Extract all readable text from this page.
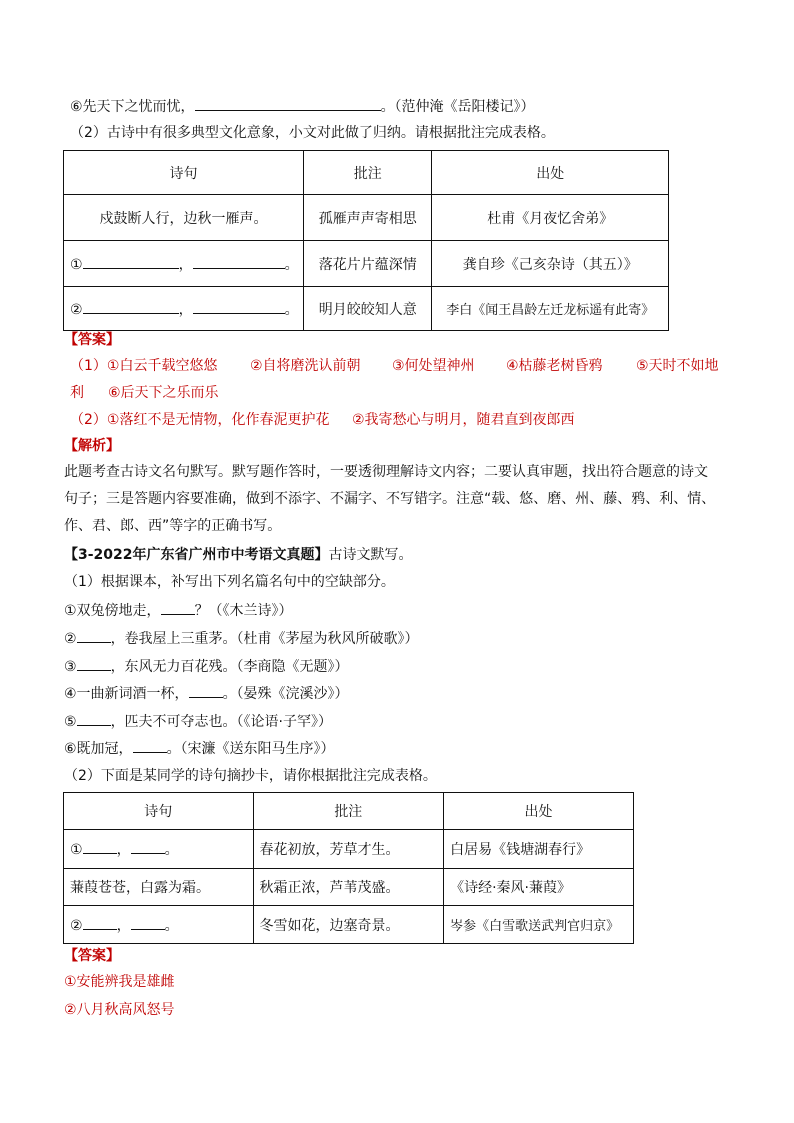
⑥先天下之忧而忧，	。（范仲淹《岳阳楼记》）
（2）古诗中有很多典型文化意象，小文对此做了归纳。请根据批注完成表格。
诗句	批注	出处
戍鼓断人行，边秋一雁声。	孤雁声声寄相思	杜甫《月夜忆舍弟》
① ， 。	落花片片蕴深情	龚自珍《己亥杂诗（其五）》
② ， 。	明月皎皎知人意	李白《闻王昌龄左迁龙标遥有此寄》
【答案】
（1）①白云千载空悠悠 ②自将磨洗认前朝 ③何处望神州 ④枯藤老树昏鸦 ⑤天时不如地
利 ⑥后天下之乐而乐
（2）①落红不是无情物，化作春泥更护花 ②我寄愁心与明月，随君直到夜郎西
【解析】
此题考查古诗文名句默写。默写题作答时，一要透彻理解诗文内容；二要认真审题，找出符合题意的诗文
句子；三是答题内容要准确，做到不添字、不漏字、不写错字。注意“载、悠、磨、州、藤、鸦、利、情、
作、君、郎、西”等字的正确书写。
【3-2022年广东省广州市中考语文真题】古诗文默写。
（1）根据课本，补写出下列名篇名句中的空缺部分。
①双兔傍地走， ？（《木兰诗》）
② ，卷我屋上三重茅。（杜甫《茅屋为秋风所破歌》）
③ ，东风无力百花残。（李商隐《无题》）
④一曲新词酒一杯， 。（晏殊《浣溪沙》）
⑤ ，匹夫不可夺志也。（《论语·子罕》）
⑥既加冠， 。（宋濂《送东阳马生序》）
（2）下面是某同学的诗句摘抄卡，请你根据批注完成表格。
诗句	批注	出处
① ， 。	春花初放，芳草才生。	白居易《钱塘湖春行》
蒹葭苍苍，白露为霜。	秋霜正浓，芦苇茂盛。	《诗经·秦风·蒹葭》
② ， 。	冬雪如花，边塞奇景。	岑参《白雪歌送武判官归京》
【答案】
①安能辨我是雄雌
②八月秋高风怒号
